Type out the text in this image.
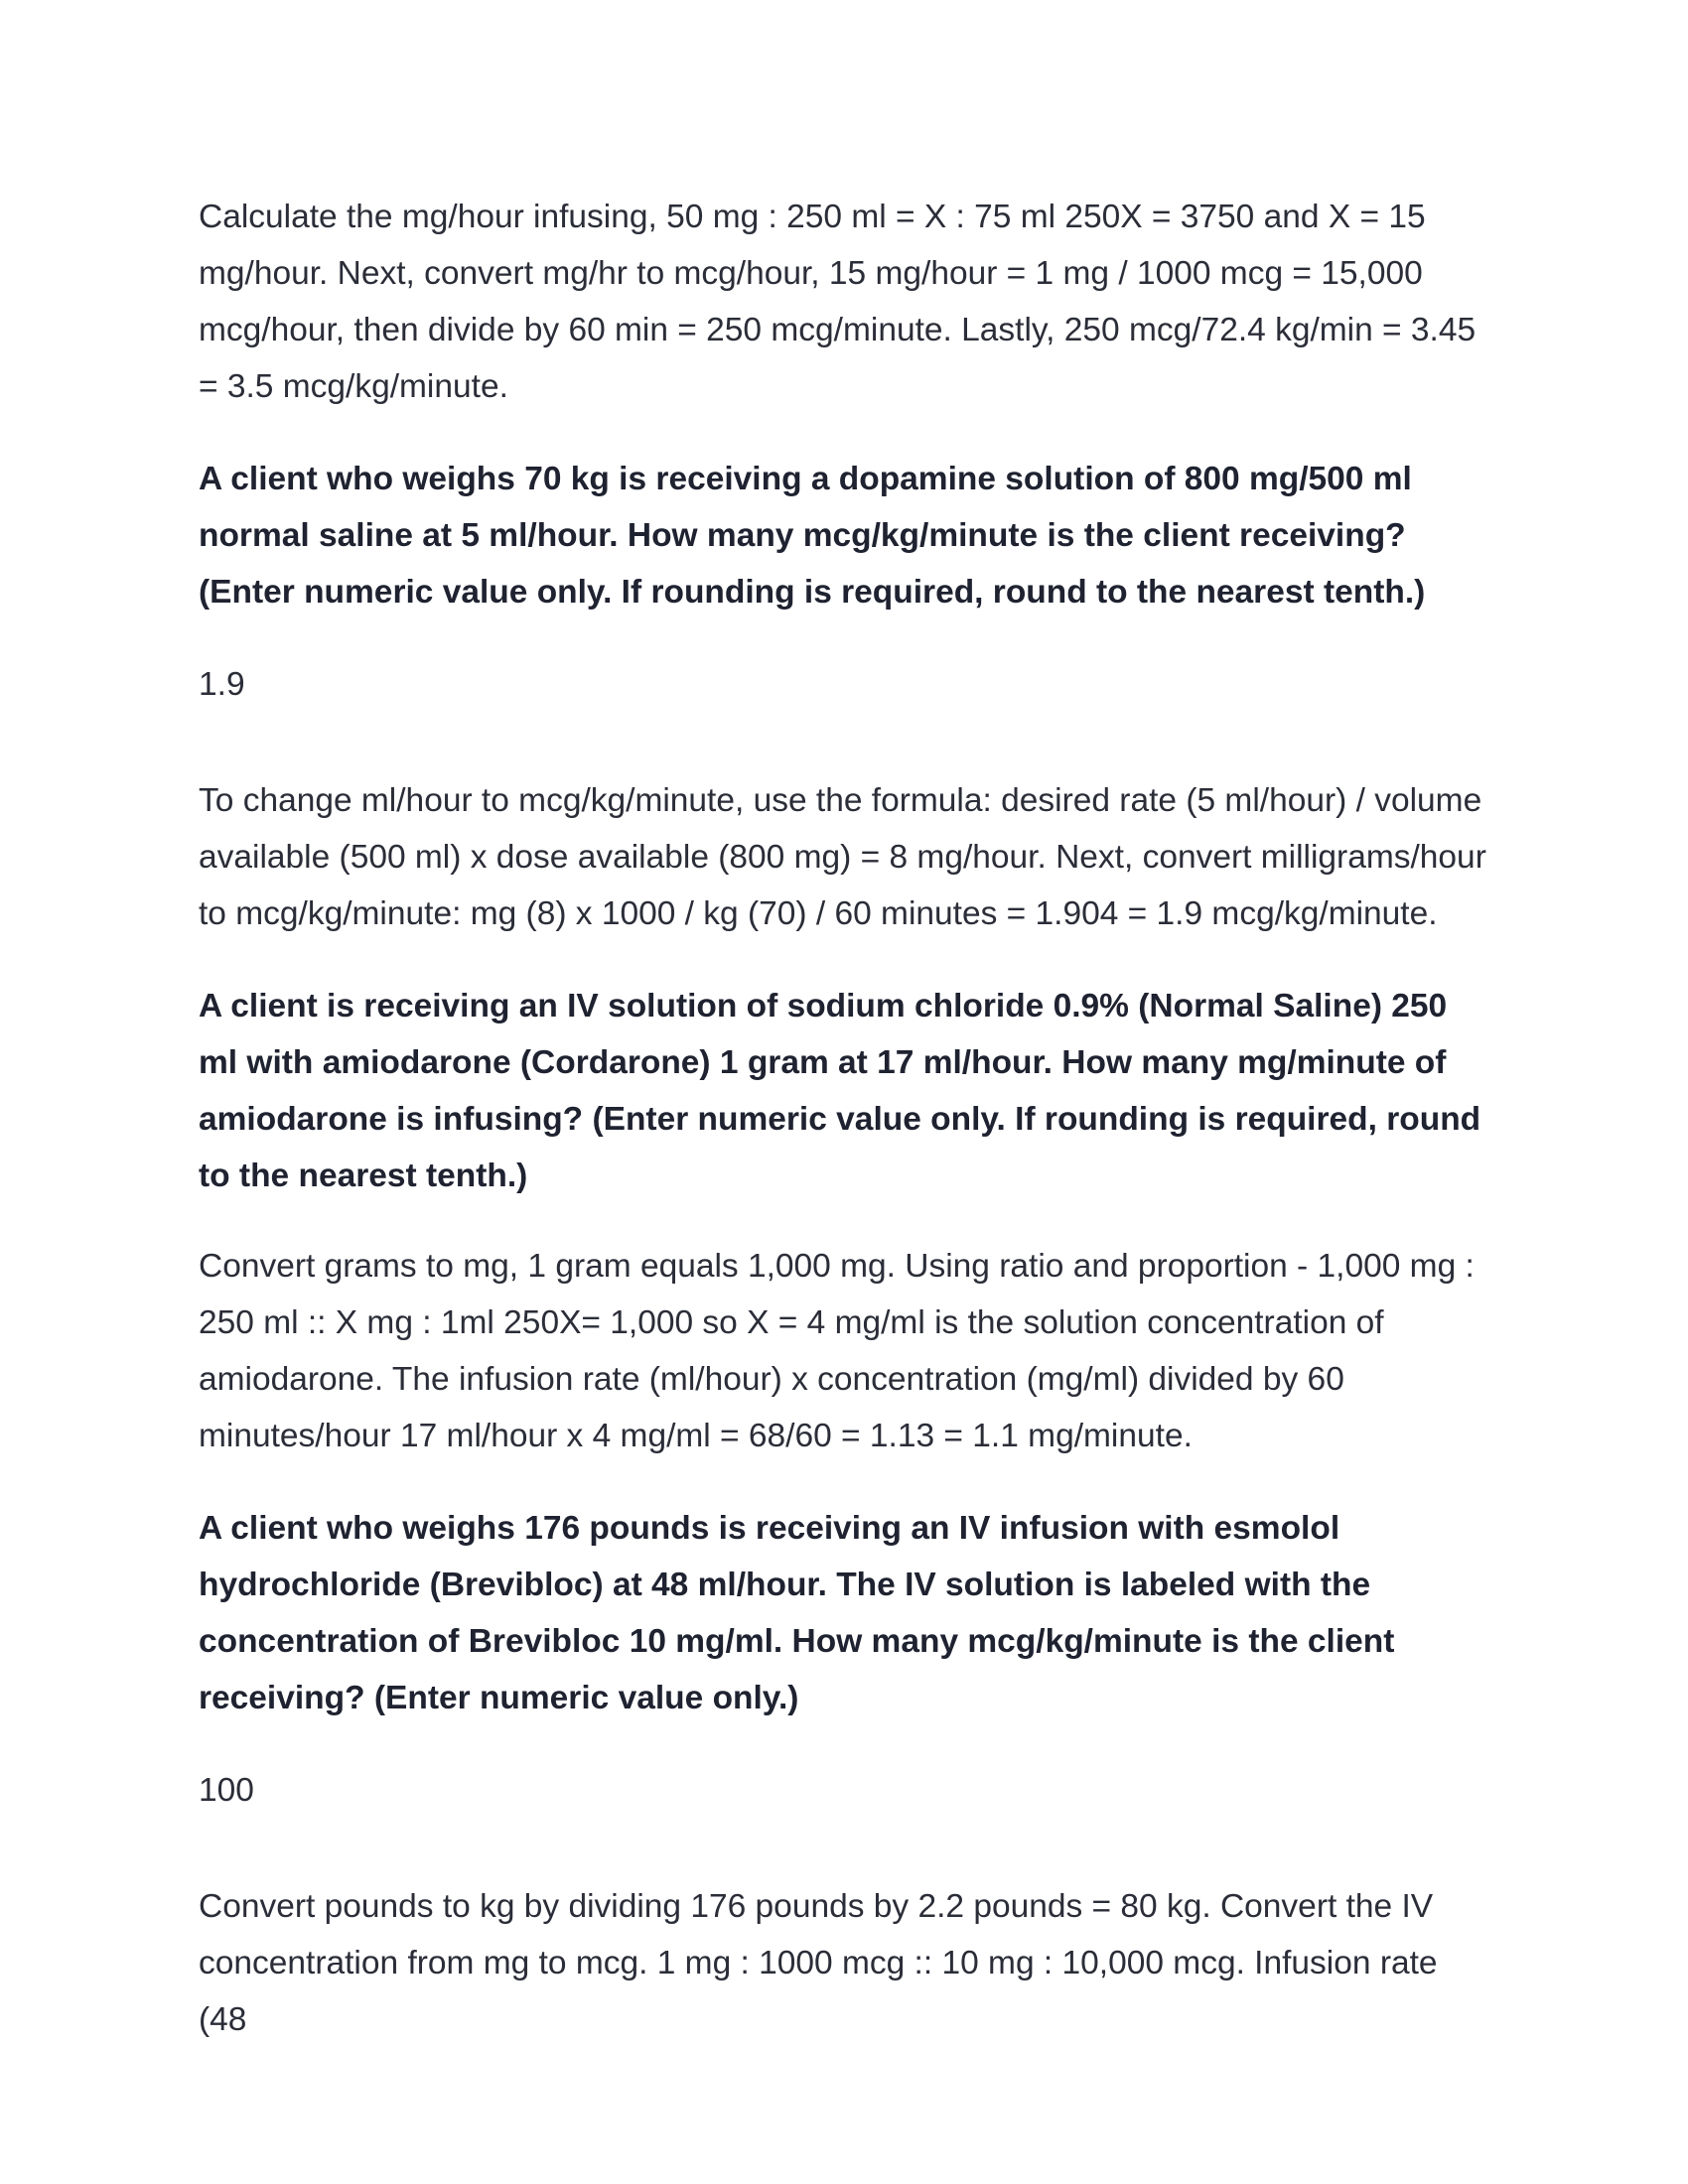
Calculate the mg/hour infusing, 50 mg : 250 ml = X : 75 ml 250X = 3750 and X = 15
mg/hour. Next, convert mg/hr to mcg/hour, 15 mg/hour = 1 mg / 1000 mcg = 15,000
mcg/hour, then divide by 60 min = 250 mcg/minute. Lastly, 250 mcg/72.4 kg/min = 3.45
= 3.5 mcg/kg/minute.

A client who weighs 70 kg is receiving a dopamine solution of 800 mg/500 ml
normal saline at 5 ml/hour. How many mcg/kg/minute is the client receiving?
(Enter numeric value only. If rounding is required, round to the nearest tenth.)

1.9

To change ml/hour to mcg/kg/minute, use the formula: desired rate (5 ml/hour) / volume
available (500 ml) x dose available (800 mg) = 8 mg/hour. Next, convert milligrams/hour
to mcg/kg/minute: mg (8) x 1000 / kg (70) / 60 minutes = 1.904 = 1.9 mcg/kg/minute.

A client is receiving an IV solution of sodium chloride 0.9% (Normal Saline) 250
ml with amiodarone (Cordarone) 1 gram at 17 ml/hour. How many mg/minute of
amiodarone is infusing? (Enter numeric value only. If rounding is required, round
to the nearest tenth.)

Convert grams to mg, 1 gram equals 1,000 mg. Using ratio and proportion - 1,000 mg :
250 ml :: X mg : 1ml 250X= 1,000 so X = 4 mg/ml is the solution concentration of
amiodarone. The infusion rate (ml/hour) x concentration (mg/ml) divided by 60
minutes/hour 17 ml/hour x 4 mg/ml = 68/60 = 1.13 = 1.1 mg/minute.

A client who weighs 176 pounds is receiving an IV infusion with esmolol
hydrochloride (Brevibloc) at 48 ml/hour. The IV solution is labeled with the
concentration of Brevibloc 10 mg/ml. How many mcg/kg/minute is the client
receiving? (Enter numeric value only.)

100

Convert pounds to kg by dividing 176 pounds by 2.2 pounds = 80 kg. Convert the IV
concentration from mg to mcg. 1 mg : 1000 mcg :: 10 mg : 10,000 mcg. Infusion rate (48
